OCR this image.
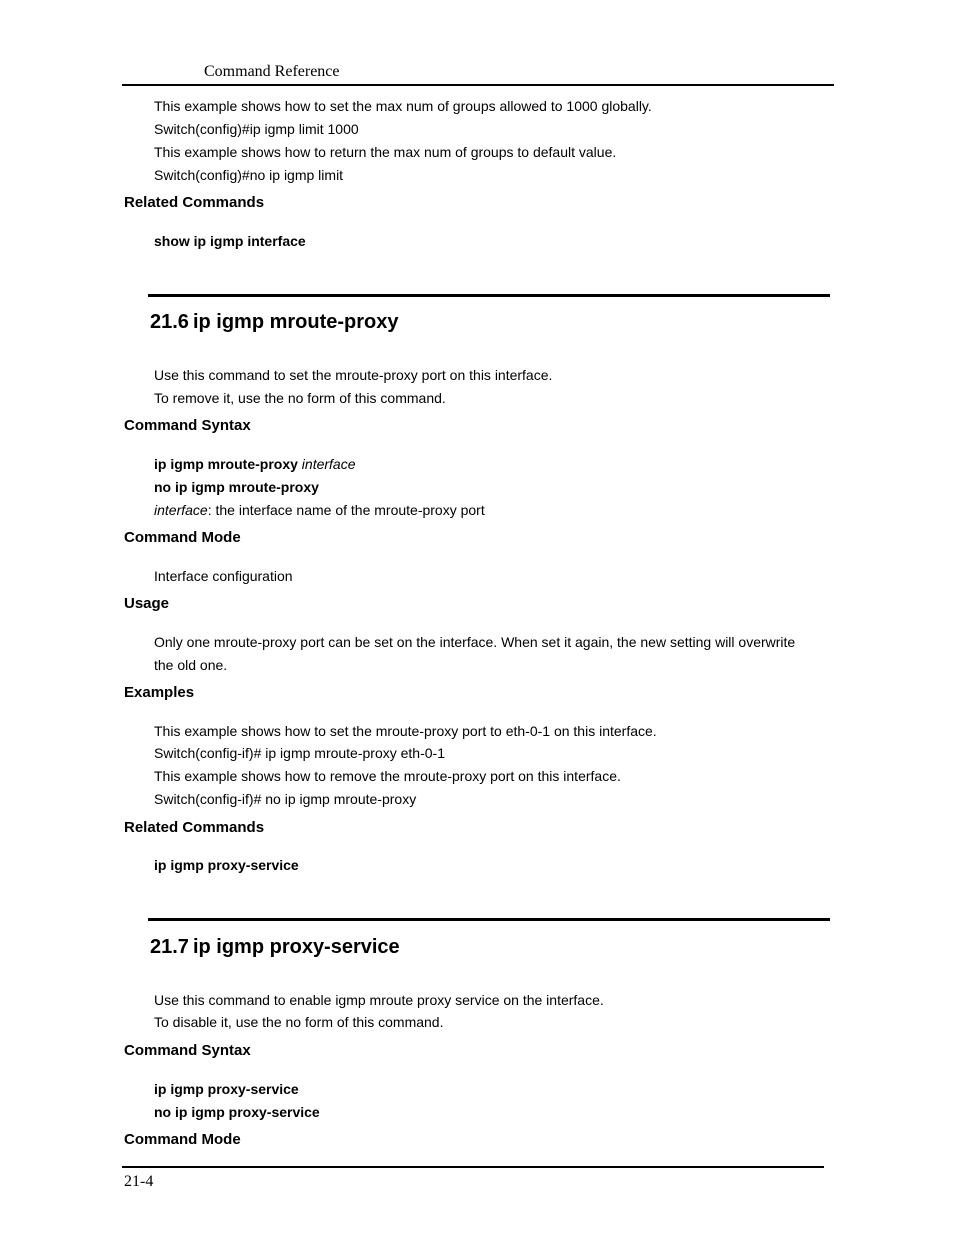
Command Reference
This example shows how to set the max num of groups allowed to 1000 globally.
Switch(config)#ip igmp limit 1000
This example shows how to return the max num of groups to default value.
Switch(config)#no ip igmp limit
Related Commands
show ip igmp interface
21.6 ip igmp mroute-proxy
Use this command to set the mroute-proxy port on this interface.
To remove it, use the no form of this command.
Command Syntax
ip igmp mroute-proxy interface
no ip igmp mroute-proxy
interface: the interface name of the mroute-proxy port
Command Mode
Interface configuration
Usage
Only one mroute-proxy port can be set on the interface. When set it again, the new setting will overwrite
the old one.
Examples
This example shows how to set the mroute-proxy port to eth-0-1 on this interface.
Switch(config-if)# ip igmp mroute-proxy eth-0-1
This example shows how to remove the mroute-proxy port on this interface.
Switch(config-if)# no ip igmp mroute-proxy
Related Commands
ip igmp proxy-service
21.7 ip igmp proxy-service
Use this command to enable igmp mroute proxy service on the interface.
To disable it, use the no form of this command.
Command Syntax
ip igmp proxy-service
no ip igmp proxy-service
Command Mode
21-4
